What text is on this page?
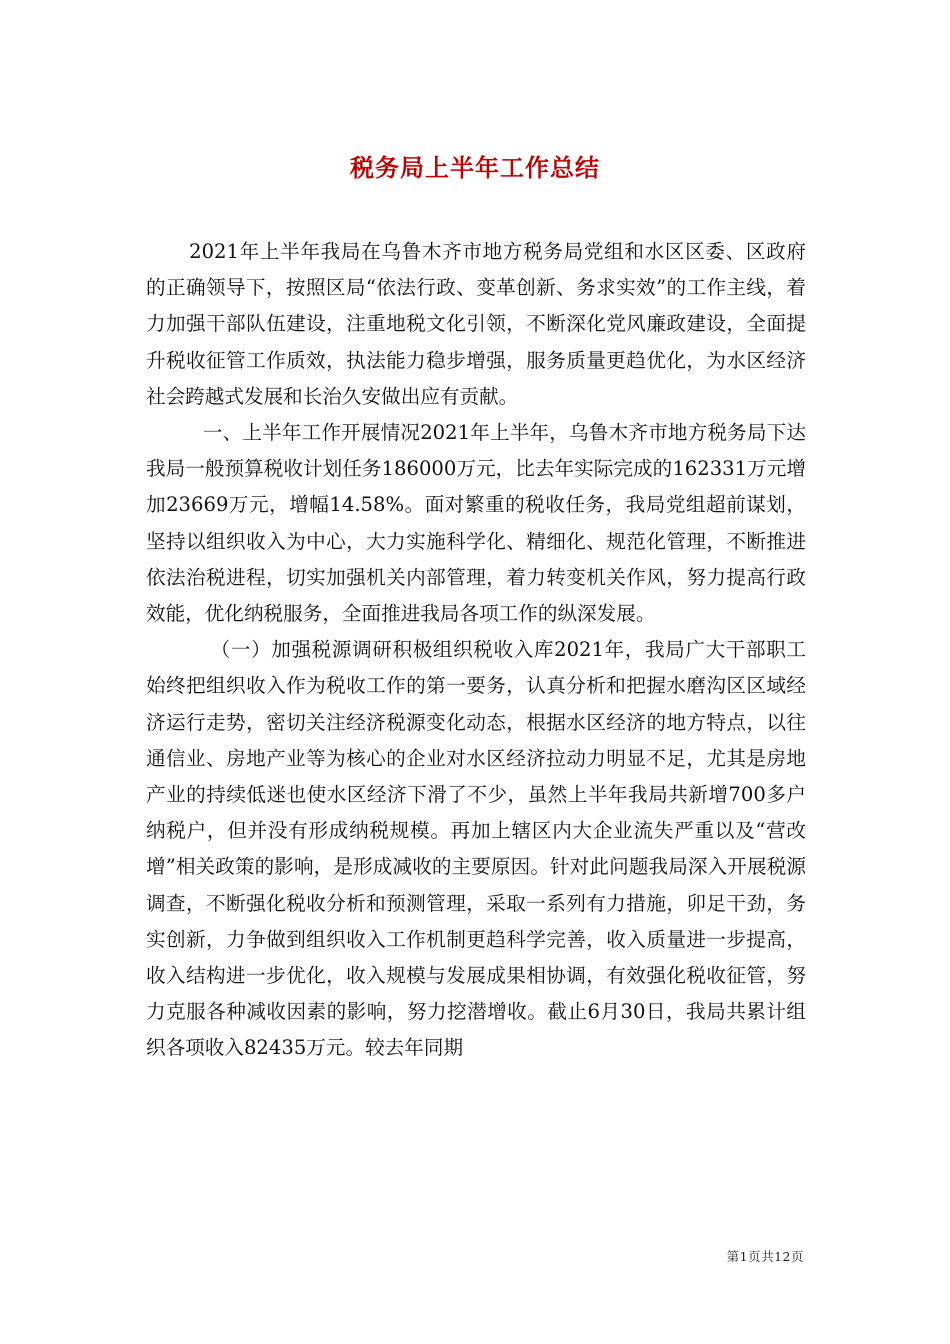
税务局上半年工作总结

2021年上半年我局在乌鲁木齐市地方税务局党组和水区区委、区政府的正确领导下，按照区局“依法行政、变革创新、务求实效”的工作主线，着力加强干部队伍建设，注重地税文化引领，不断深化党风廉政建设，全面提升税收征管工作质效，执法能力稳步增强，服务质量更趋优化，为水区经济社会跨越式发展和长治久安做出应有贡献。

一、上半年工作开展情况2021年上半年，乌鲁木齐市地方税务局下达我局一般预算税收计划任务186000万元，比去年实际完成的162331万元增加23669万元，增幅14.58%。面对繁重的税收任务，我局党组超前谋划，坚持以组织收入为中心，大力实施科学化、精细化、规范化管理，不断推进依法治税进程，切实加强机关内部管理，着力转变机关作风，努力提高行政效能，优化纳税服务，全面推进我局各项工作的纵深发展。

（一）加强税源调研积极组织税收入库2021年，我局广大干部职工始终把组织收入作为税收工作的第一要务，认真分析和把握水磨沟区区域经济运行走势，密切关注经济税源变化动态，根据水区经济的地方特点，以往通信业、房地产业等为核心的企业对水区经济拉动力明显不足，尤其是房地产业的持续低迷也使水区经济下滑了不少，虽然上半年我局共新增700多户纳税户，但并没有形成纳税规模。再加上辖区内大企业流失严重以及“营改增”相关政策的影响，是形成减收的主要原因。针对此问题我局深入开展税源调查，不断强化税收分析和预测管理，采取一系列有力措施，卯足干劲，务实创新，力争做到组织收入工作机制更趋科学完善，收入质量进一步提高，收入结构进一步优化，收入规模与发展成果相协调，有效强化税收征管，努力克服各种减收因素的影响，努力挖潜增收。截止6月30日，我局共累计组织各项收入82435万元。较去年同期

第1页共12页
